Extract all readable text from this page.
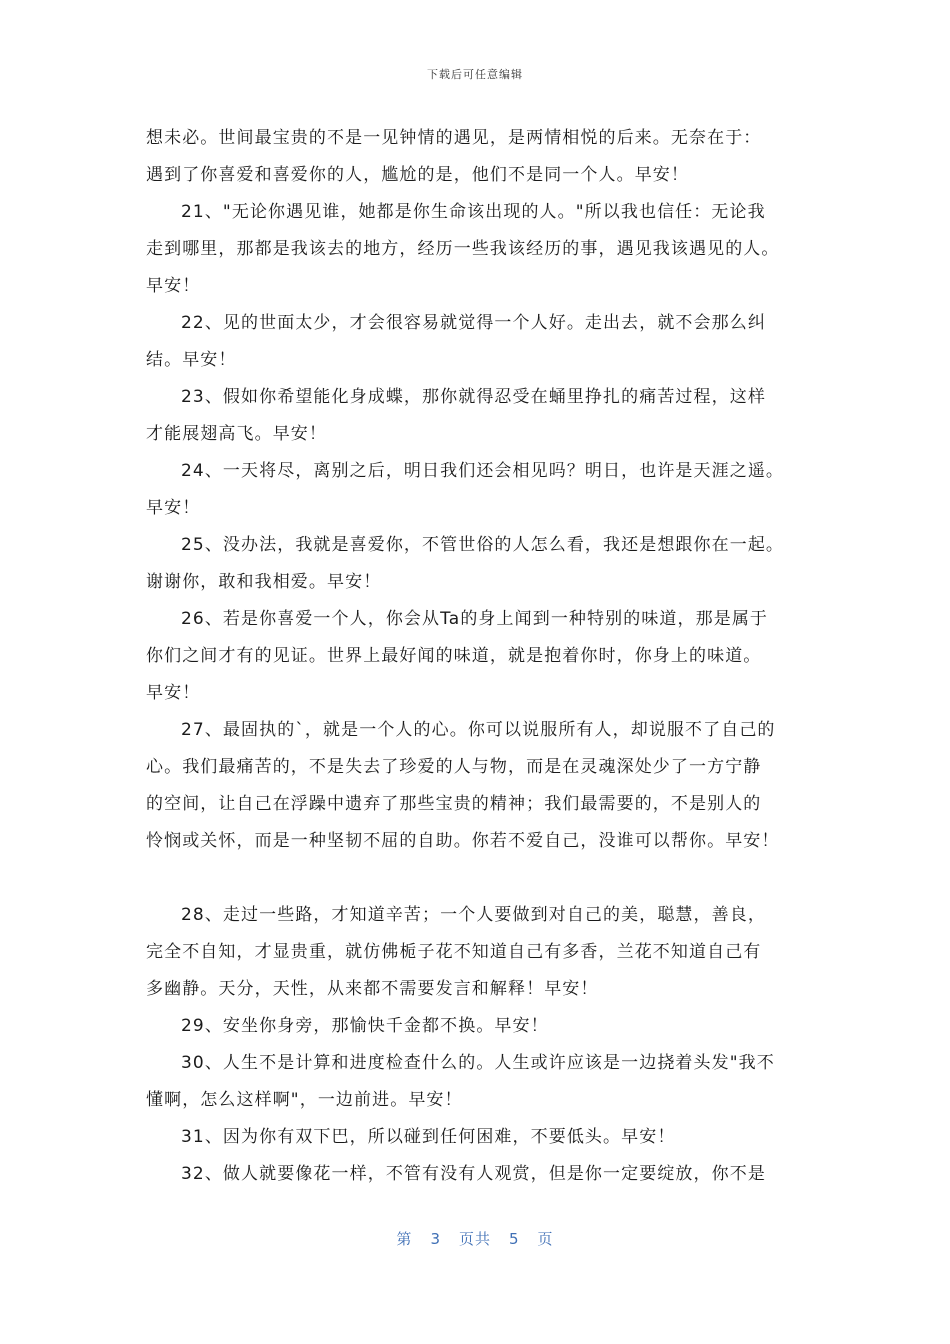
下载后可任意编辑
想未必。世间最宝贵的不是一见钟情的遇见，是两情相悦的后来。无奈在于：
遇到了你喜爱和喜爱你的人，尴尬的是，他们不是同一个人。早安！
21、"无论你遇见谁，她都是你生命该出现的人。"所以我也信任：无论我
走到哪里，那都是我该去的地方，经历一些我该经历的事，遇见我该遇见的人。
早安！
22、见的世面太少，才会很容易就觉得一个人好。走出去，就不会那么纠
结。早安！
23、假如你希望能化身成蝶，那你就得忍受在蛹里挣扎的痛苦过程，这样
才能展翅高飞。早安！
24、一天将尽，离别之后，明日我们还会相见吗？明日，也许是天涯之遥。
早安！
25、没办法，我就是喜爱你，不管世俗的人怎么看，我还是想跟你在一起。
谢谢你，敢和我相爱。早安！
26、若是你喜爱一个人，你会从Ta的身上闻到一种特别的味道，那是属于
你们之间才有的见证。世界上最好闻的味道，就是抱着你时，你身上的味道。
早安！
27、最固执的`，就是一个人的心。你可以说服所有人，却说服不了自己的
心。我们最痛苦的，不是失去了珍爱的人与物，而是在灵魂深处少了一方宁静
的空间，让自己在浮躁中遗弃了那些宝贵的精神；我们最需要的，不是别人的
怜悯或关怀，而是一种坚韧不屈的自助。你若不爱自己，没谁可以帮你。早安！
28、走过一些路，才知道辛苦；一个人要做到对自己的美，聪慧，善良，
完全不自知，才显贵重，就仿佛栀子花不知道自己有多香，兰花不知道自己有
多幽静。天分，天性，从来都不需要发言和解释！早安！
29、安坐你身旁，那愉快千金都不换。早安！
30、人生不是计算和进度检查什么的。人生或许应该是一边挠着头发"我不
懂啊，怎么这样啊"，一边前进。早安！
31、因为你有双下巴，所以碰到任何困难，不要低头。早安！
32、做人就要像花一样，不管有没有人观赏，但是你一定要绽放，你不是
第 3 页共 5 页
